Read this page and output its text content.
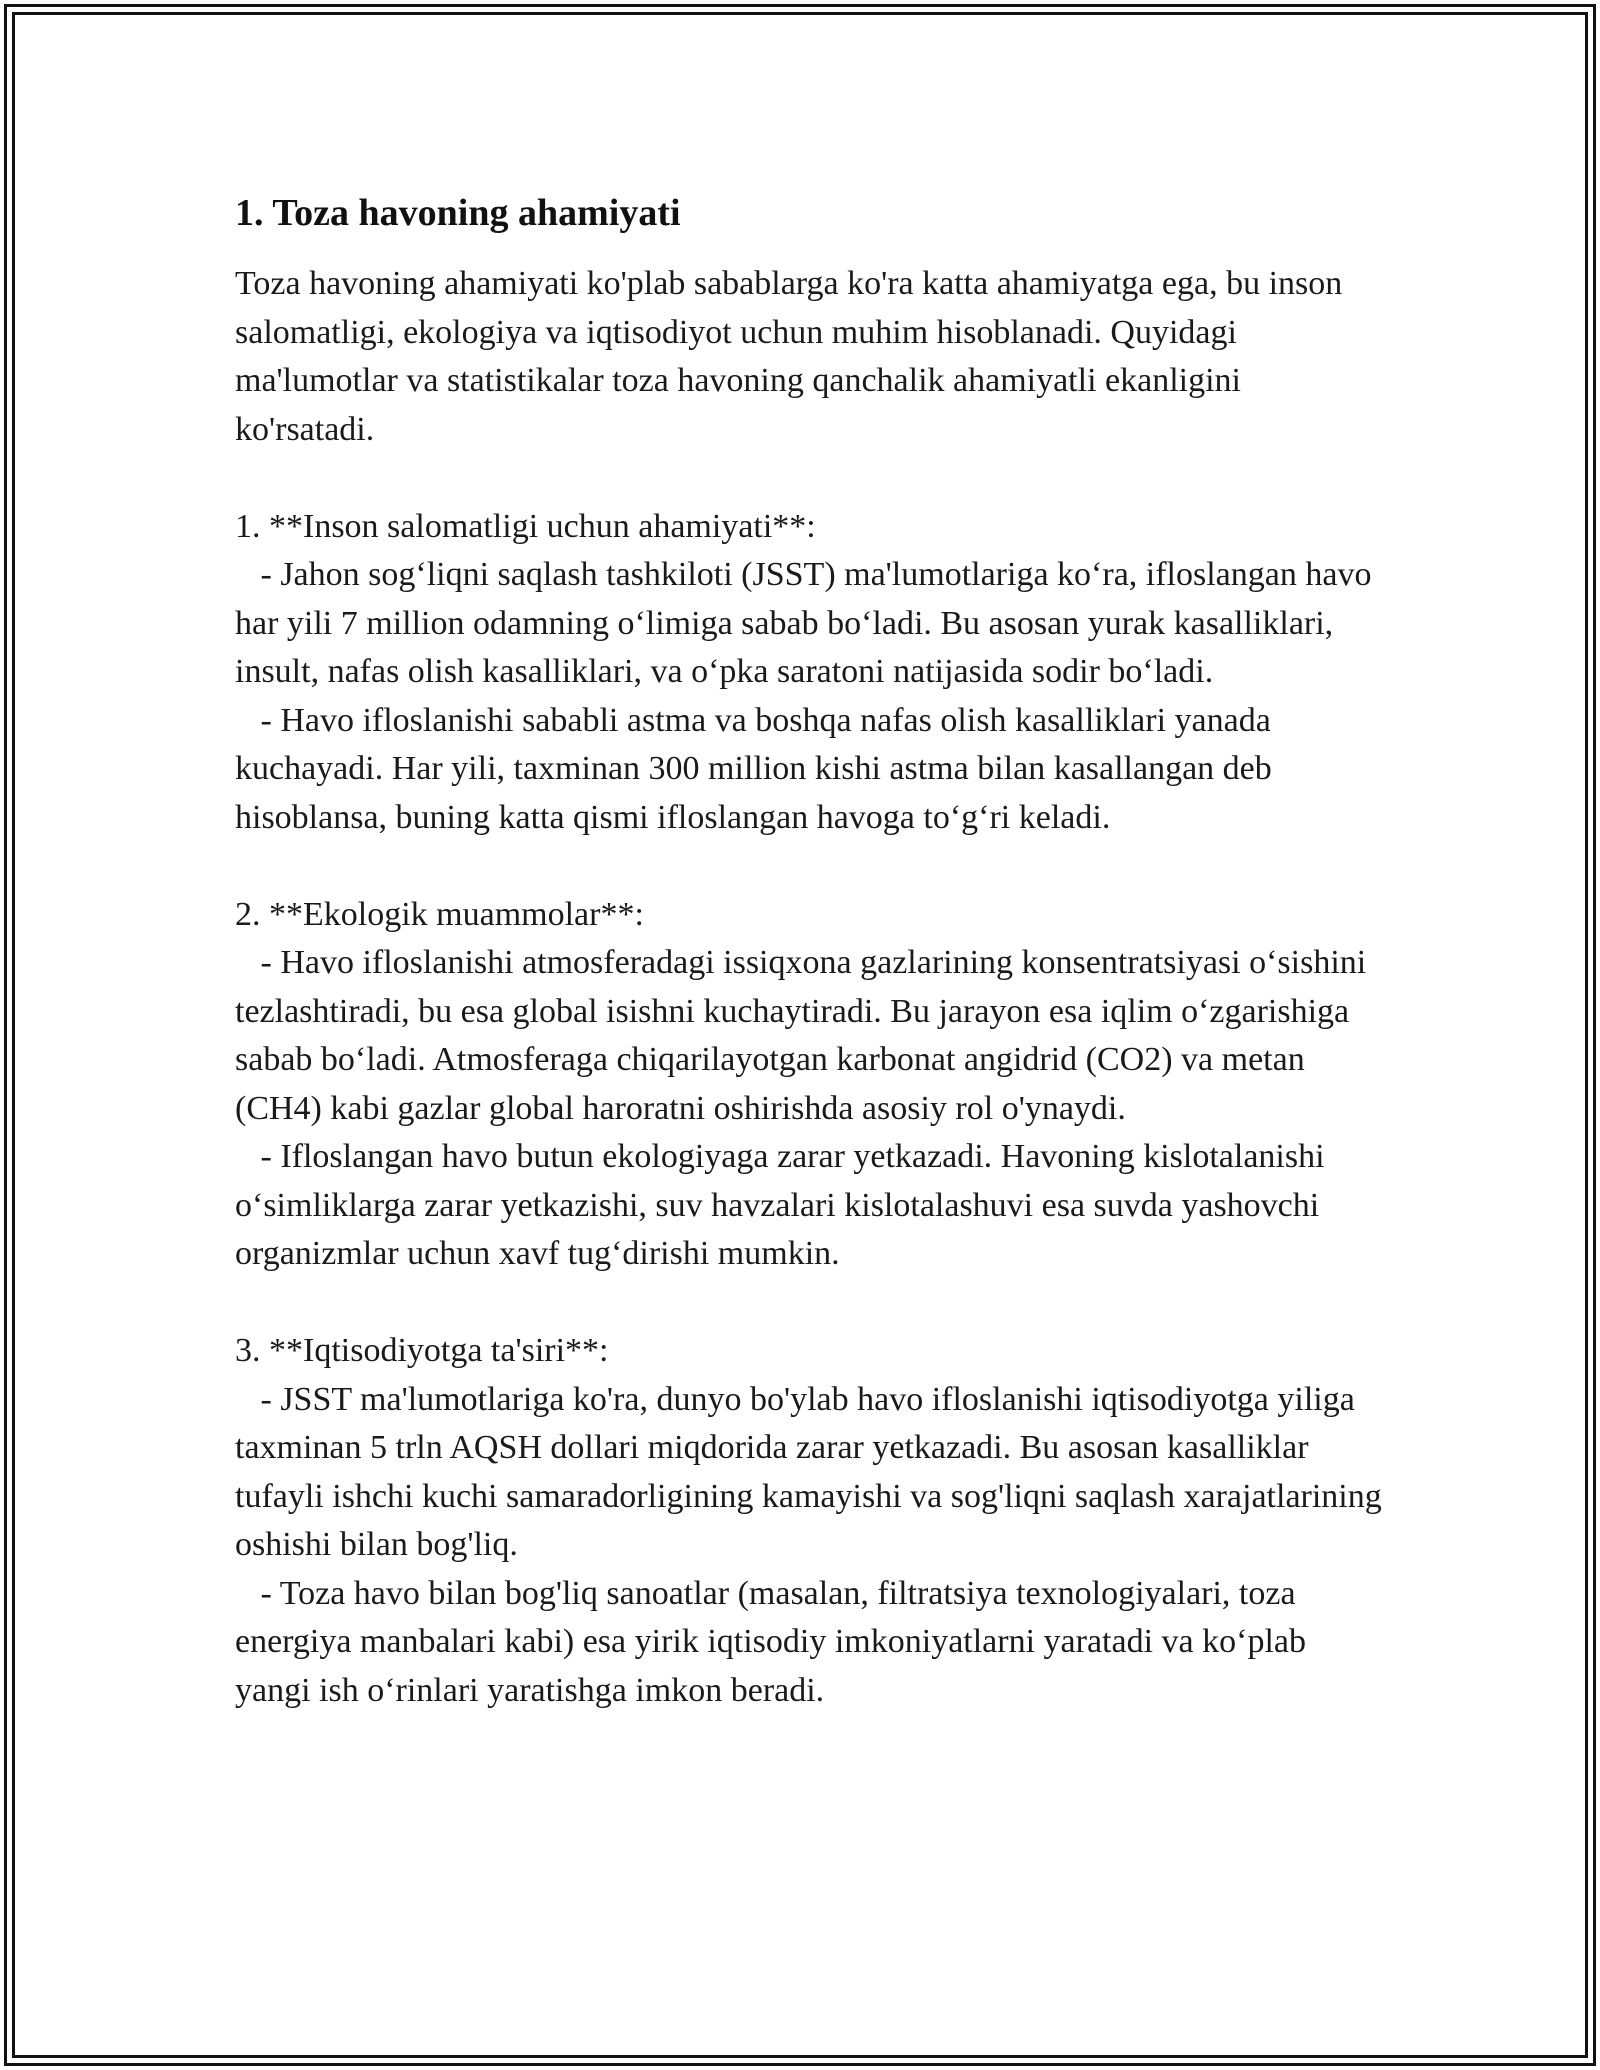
1. Toza havoning ahamiyati

Toza havoning ahamiyati ko'plab sabablarga ko'ra katta ahamiyatga ega, bu inson salomatligi, ekologiya va iqtisodiyot uchun muhim hisoblanadi. Quyidagi ma'lumotlar va statistikalar toza havoning qanchalik ahamiyatli ekanligini ko'rsatadi.

1. **Inson salomatligi uchun ahamiyati**:

- Jahon sog‘liqni saqlash tashkiloti (JSST) ma'lumotlariga ko‘ra, ifloslangan havo har yili 7 million odamning o‘limiga sabab bo‘ladi. Bu asosan yurak kasalliklari, insult, nafas olish kasalliklari, va o‘pka saratoni natijasida sodir bo‘ladi.

- Havo ifloslanishi sababli astma va boshqa nafas olish kasalliklari yanada kuchayadi. Har yili, taxminan 300 million kishi astma bilan kasallangan deb hisoblansa, buning katta qismi ifloslangan havoga to‘g‘ri keladi.

2. **Ekologik muammolar**:

- Havo ifloslanishi atmosferadagi issiqxona gazlarining konsentratsiyasi o‘sishini tezlashtiradi, bu esa global isishni kuchaytiradi. Bu jarayon esa iqlim o‘zgarishiga sabab bo‘ladi. Atmosferaga chiqarilayotgan karbonat angidrid (CO2) va metan (CH4) kabi gazlar global haroratni oshirishda asosiy rol o'ynaydi.

- Ifloslangan havo butun ekologiyaga zarar yetkazadi. Havoning kislotalanishi o‘simliklarga zarar yetkazishi, suv havzalari kislotalashuvi esa suvda yashovchi organizmlar uchun xavf tug‘dirishi mumkin.

3. **Iqtisodiyotga ta'siri**:

- JSST ma'lumotlariga ko'ra, dunyo bo'ylab havo ifloslanishi iqtisodiyotga yiliga taxminan 5 trln AQSH dollari miqdorida zarar yetkazadi. Bu asosan kasalliklar tufayli ishchi kuchi samaradorligining kamayishi va sog'liqni saqlash xarajatlarining oshishi bilan bog'liq.

- Toza havo bilan bog'liq sanoatlar (masalan, filtratsiya texnologiyalari, toza energiya manbalari kabi) esa yirik iqtisodiy imkoniyatlarni yaratadi va ko‘plab yangi ish o‘rinlari yaratishga imkon beradi.
